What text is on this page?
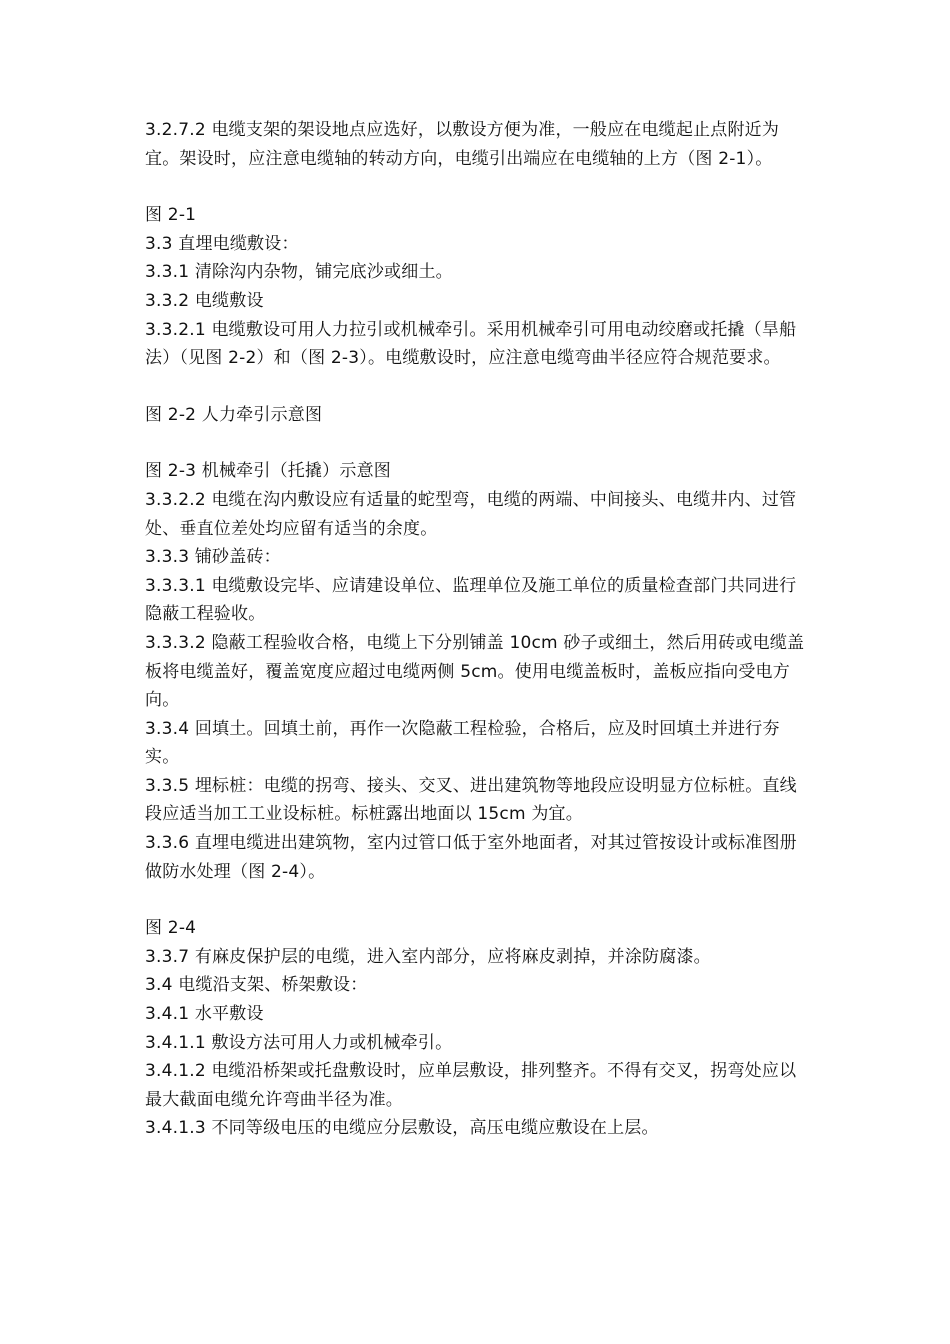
3.2.7.2 电缆支架的架设地点应选好，以敷设方便为准，一般应在电缆起止点附近为宜。架设时，应注意电缆轴的转动方向，电缆引出端应在电缆轴的上方（图 2-1）。

图 2-1

3.3 直埋电缆敷设：

3.3.1 清除沟内杂物，铺完底沙或细土。

3.3.2 电缆敷设

3.3.2.1 电缆敷设可用人力拉引或机械牵引。采用机械牵引可用电动绞磨或托撬（旱船法）（见图 2-2）和（图 2-3）。电缆敷设时，应注意电缆弯曲半径应符合规范要求。

图 2-2 人力牵引示意图

图 2-3 机械牵引（托撬）示意图

3.3.2.2 电缆在沟内敷设应有适量的蛇型弯，电缆的两端、中间接头、电缆井内、过管处、垂直位差处均应留有适当的余度。

3.3.3 铺砂盖砖：

3.3.3.1 电缆敷设完毕、应请建设单位、监理单位及施工单位的质量检查部门共同进行隐蔽工程验收。

3.3.3.2 隐蔽工程验收合格，电缆上下分别铺盖 10cm 砂子或细土，然后用砖或电缆盖板将电缆盖好，覆盖宽度应超过电缆两侧 5cm。使用电缆盖板时，盖板应指向受电方向。

3.3.4 回填土。回填土前，再作一次隐蔽工程检验，合格后，应及时回填土并进行夯实。

3.3.5 埋标桩：电缆的拐弯、接头、交叉、进出建筑物等地段应设明显方位标桩。直线段应适当加工工业设标桩。标桩露出地面以 15cm 为宜。

3.3.6 直埋电缆进出建筑物，室内过管口低于室外地面者，对其过管按设计或标准图册做防水处理（图 2-4）。

图 2-4

3.3.7 有麻皮保护层的电缆，进入室内部分，应将麻皮剥掉，并涂防腐漆。

3.4 电缆沿支架、桥架敷设：

3.4.1 水平敷设

3.4.1.1 敷设方法可用人力或机械牵引。

3.4.1.2 电缆沿桥架或托盘敷设时，应单层敷设，排列整齐。不得有交叉，拐弯处应以最大截面电缆允许弯曲半径为准。

3.4.1.3 不同等级电压的电缆应分层敷设，高压电缆应敷设在上层。
